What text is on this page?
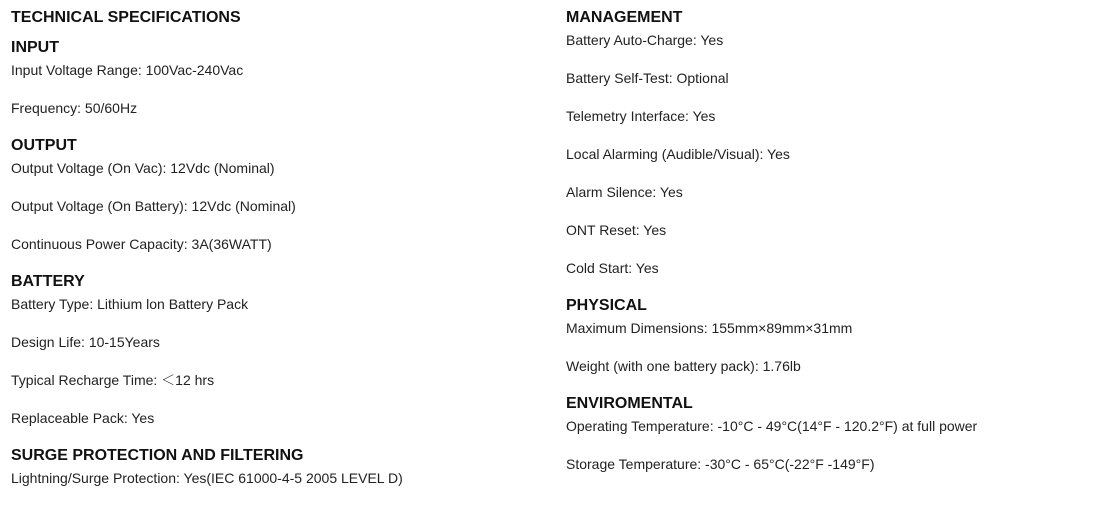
TECHNICAL SPECIFICATIONS
INPUT
Input Voltage Range: 100Vac-240Vac
Frequency: 50/60Hz
OUTPUT
Output Voltage (On Vac): 12Vdc (Nominal)
Output Voltage (On Battery): 12Vdc (Nominal)
Continuous Power Capacity: 3A(36WATT)
BATTERY
Battery Type: Lithium lon Battery Pack
Design Life: 10-15Years
Typical Recharge Time: ＜12 hrs
Replaceable Pack: Yes
SURGE PROTECTION AND FILTERING
Lightning/Surge Protection: Yes(IEC 61000-4-5 2005 LEVEL D)
MANAGEMENT
Battery Auto-Charge: Yes
Battery Self-Test: Optional
Telemetry Interface: Yes
Local Alarming (Audible/Visual): Yes
Alarm Silence: Yes
ONT Reset: Yes
Cold Start: Yes
PHYSICAL
Maximum Dimensions: 155mm×89mm×31mm
Weight (with one battery pack): 1.76lb
ENVIROMENTAL
Operating Temperature: -10°C - 49°C(14°F - 120.2°F) at full power
Storage Temperature: -30°C - 65°C(-22°F -149°F)
